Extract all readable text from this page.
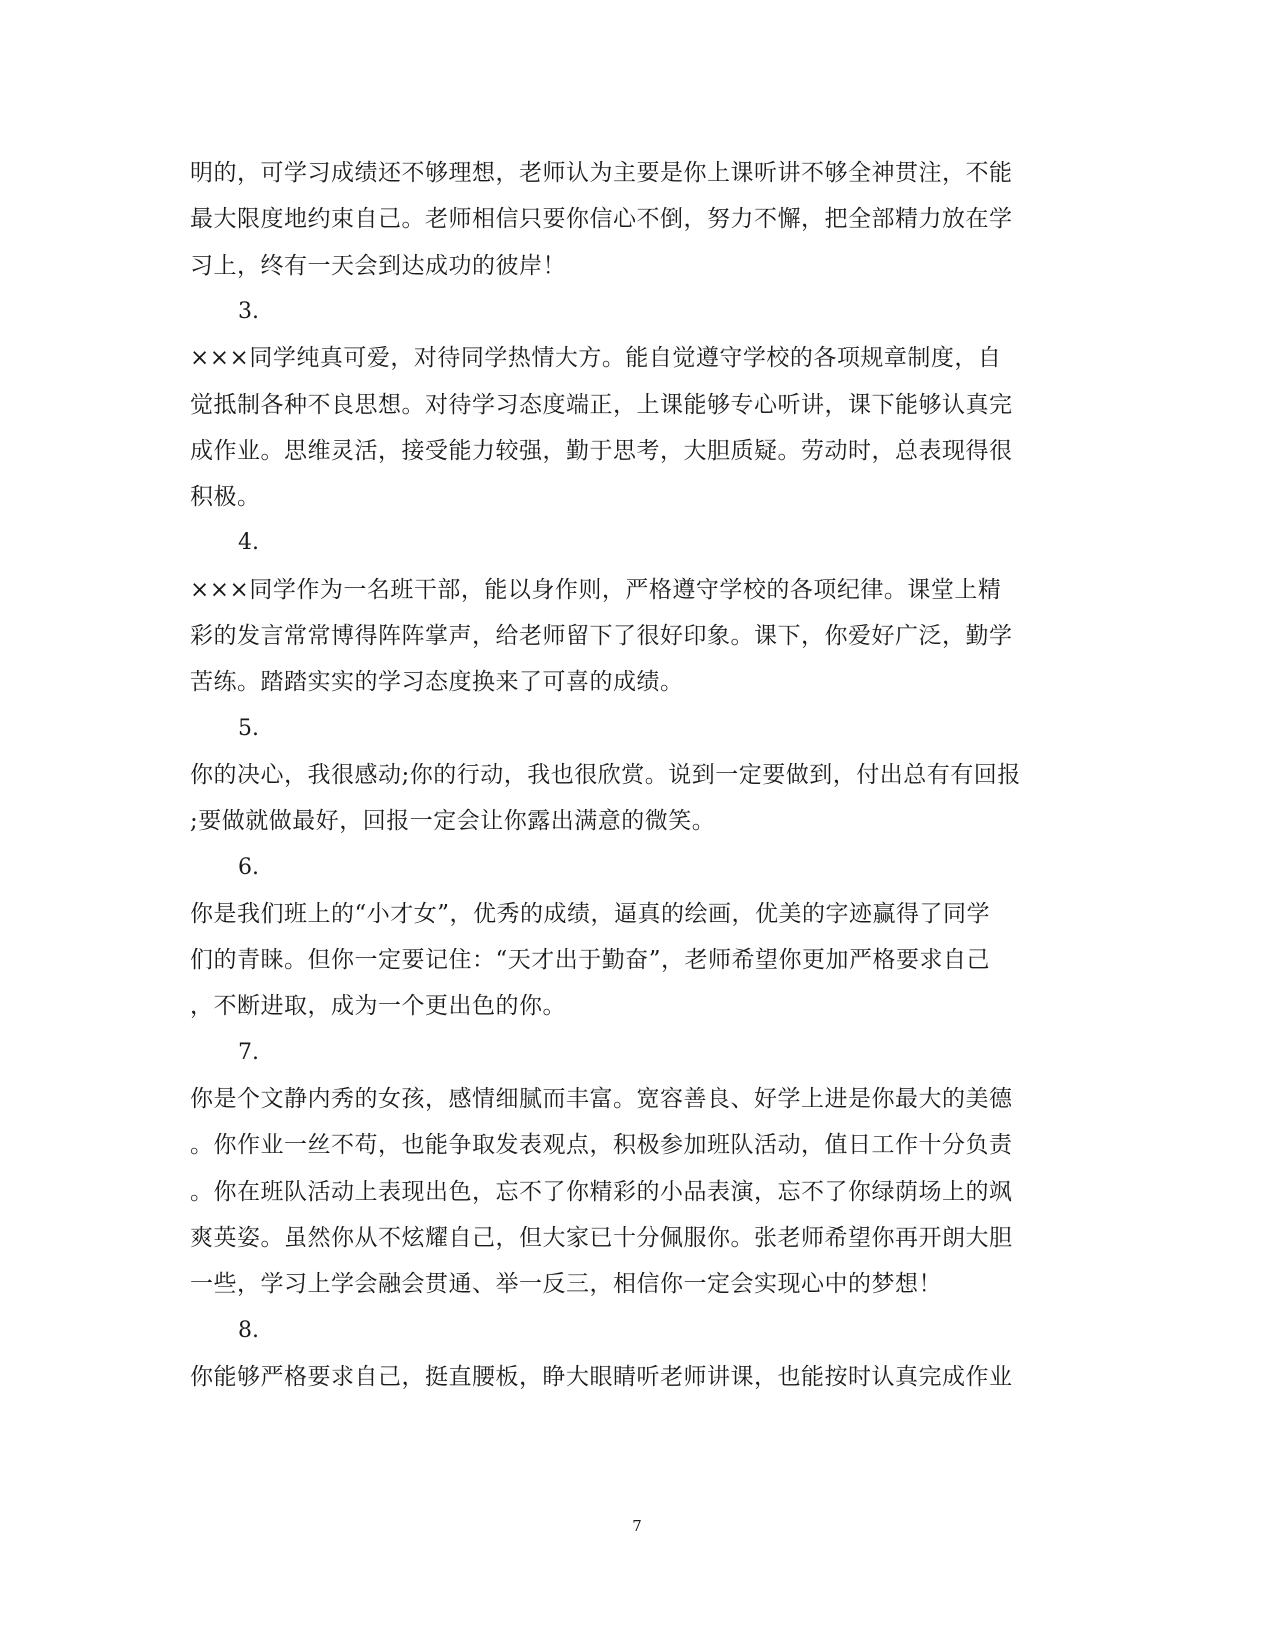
明的，可学习成绩还不够理想，老师认为主要是你上课听讲不够全神贯注，不能
最大限度地约束自己。老师相信只要你信心不倒，努力不懈，把全部精力放在学
习上，终有一天会到达成功的彼岸！
3.
×××同学纯真可爱，对待同学热情大方。能自觉遵守学校的各项规章制度，自
觉抵制各种不良思想。对待学习态度端正，上课能够专心听讲，课下能够认真完
成作业。思维灵活，接受能力较强，勤于思考，大胆质疑。劳动时，总表现得很
积极。
4.
×××同学作为一名班干部，能以身作则，严格遵守学校的各项纪律。课堂上精
彩的发言常常博得阵阵掌声，给老师留下了很好印象。课下，你爱好广泛，勤学
苦练。踏踏实实的学习态度换来了可喜的成绩。
5.
你的决心，我很感动;你的行动，我也很欣赏。说到一定要做到，付出总有有回报
;要做就做最好，回报一定会让你露出满意的微笑。
6.
你是我们班上的“小才女”，优秀的成绩，逼真的绘画，优美的字迹赢得了同学
们的青睐。但你一定要记住：“天才出于勤奋”，老师希望你更加严格要求自己
，不断进取，成为一个更出色的你。
7.
你是个文静内秀的女孩，感情细腻而丰富。宽容善良、好学上进是你最大的美德
。你作业一丝不苟，也能争取发表观点，积极参加班队活动，值日工作十分负责
。你在班队活动上表现出色，忘不了你精彩的小品表演，忘不了你绿荫场上的飒
爽英姿。虽然你从不炫耀自己，但大家已十分佩服你。张老师希望你再开朗大胆
一些，学习上学会融会贯通、举一反三，相信你一定会实现心中的梦想！
8.
你能够严格要求自己，挺直腰板，睁大眼睛听老师讲课，也能按时认真完成作业
7
